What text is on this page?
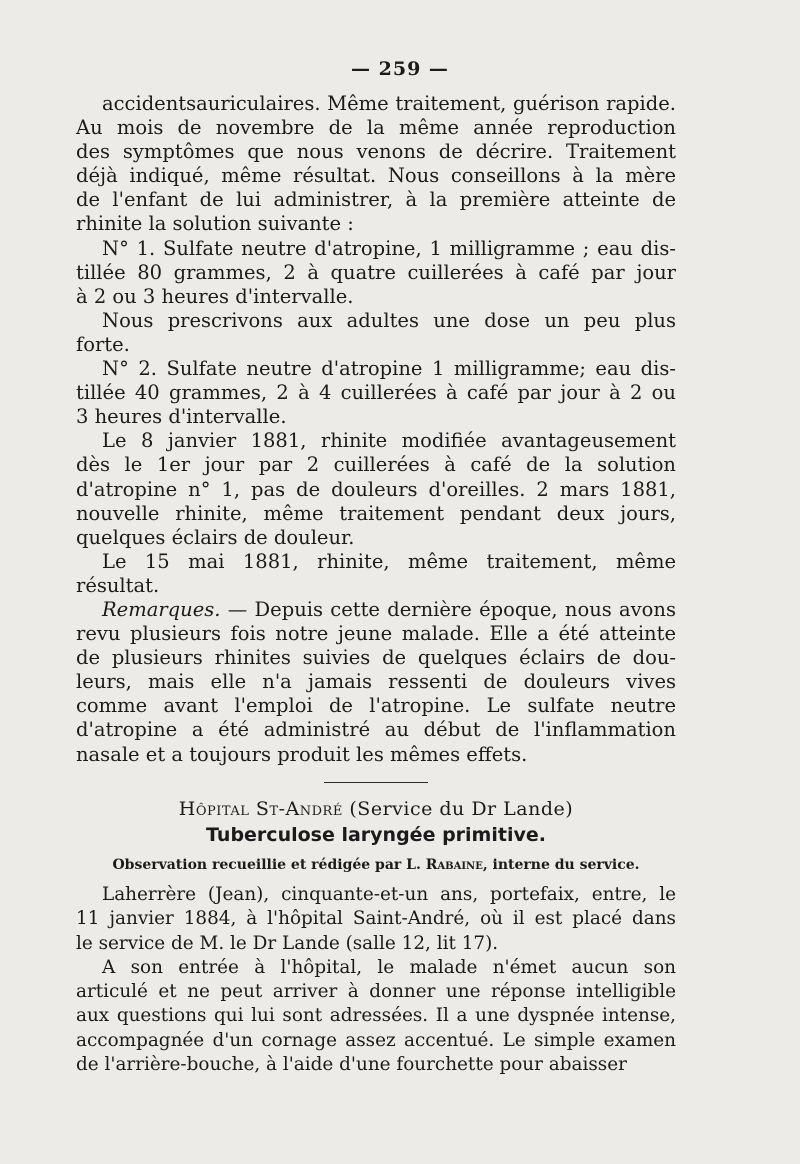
— 259 —

accidentsauriculaires. Même traitement, guérison rapide.

Au mois de novembre de la même année reproduction

des symptômes que nous venons de décrire. Traitement

déjà indiqué, même résultat. Nous conseillons à la mère

de l'enfant de lui administrer, à la première atteinte de

rhinite la solution suivante :

N° 1. Sulfate neutre d'atropine, 1 milligramme ; eau dis-

tillée 80 grammes, 2 à quatre cuillerées à café par jour

à 2 ou 3 heures d'intervalle.

Nous prescrivons aux adultes une dose un peu plus

forte.

N° 2. Sulfate neutre d'atropine 1 milligramme; eau dis-

tillée 40 grammes, 2 à 4 cuillerées à café par jour à 2 ou

3 heures d'intervalle.

Le 8 janvier 1881, rhinite modifiée avantageusement

dès le 1er jour par 2 cuillerées à café de la solution

d'atropine n° 1, pas de douleurs d'oreilles. 2 mars 1881,

nouvelle rhinite, même traitement pendant deux jours,

quelques éclairs de douleur.

Le 15 mai 1881, rhinite, même traitement, même

résultat.

Remarques. — Depuis cette dernière époque, nous avons

revu plusieurs fois notre jeune malade. Elle a été atteinte

de plusieurs rhinites suivies de quelques éclairs de dou-

leurs, mais elle n'a jamais ressenti de douleurs vives

comme avant l'emploi de l'atropine. Le sulfate neutre

d'atropine a été administré au début de l'inflammation

nasale et a toujours produit les mêmes effets.

Hôpital St-André (Service du Dr Lande)
Tuberculose laryngée primitive.
Observation recueillie et rédigée par L. Rabaine, interne du service.

Laherrère (Jean), cinquante-et-un ans, portefaix, entre, le

11 janvier 1884, à l'hôpital Saint-André, où il est placé dans

le service de M. le Dr Lande (salle 12, lit 17).

A son entrée à l'hôpital, le malade n'émet aucun son

articulé et ne peut arriver à donner une réponse intelligible

aux questions qui lui sont adressées. Il a une dyspnée intense,

accompagnée d'un cornage assez accentué. Le simple examen

de l'arrière-bouche, à l'aide d'une fourchette pour abaisser
